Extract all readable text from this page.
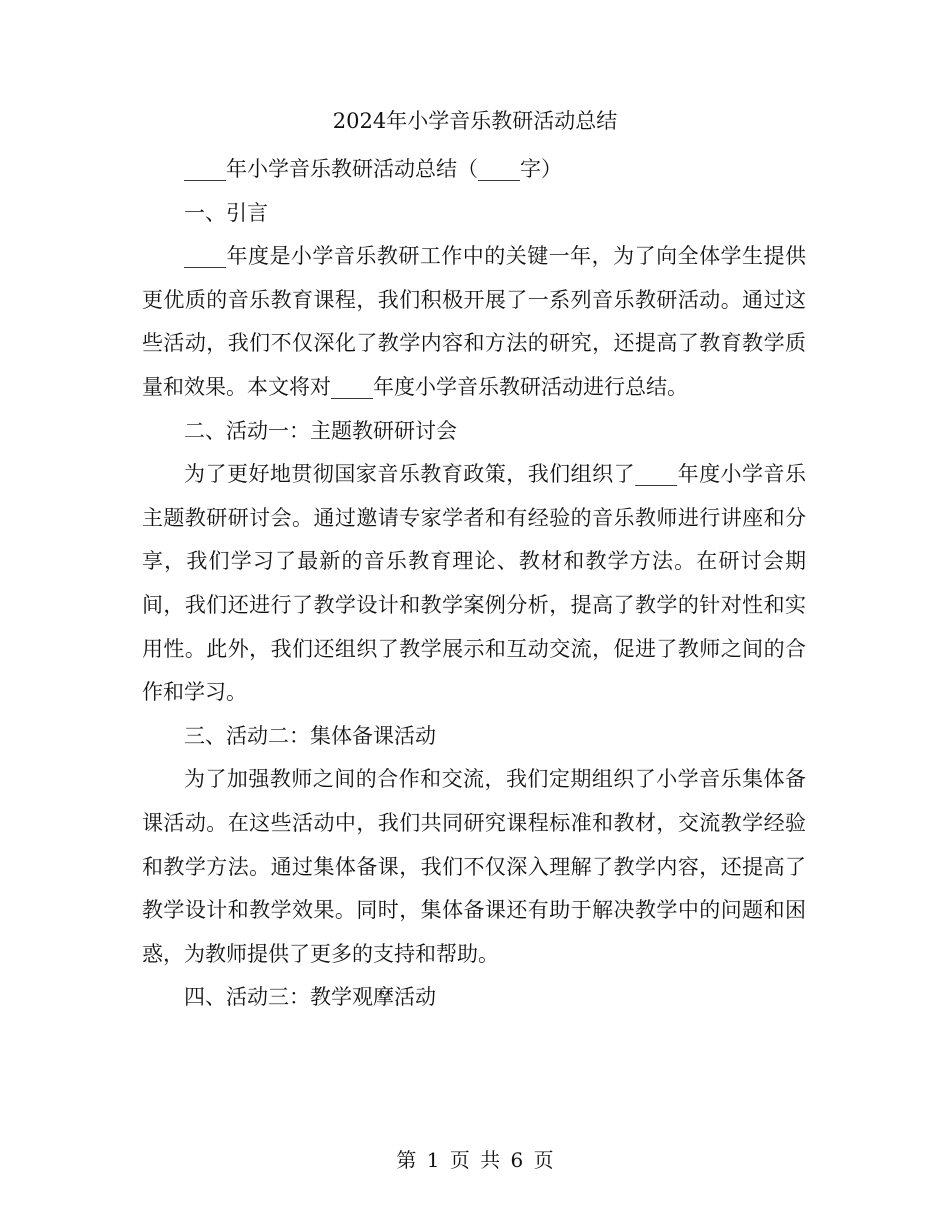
2024年小学音乐教研活动总结

____年小学音乐教研活动总结（____字）

一、引言

____年度是小学音乐教研工作中的关键一年，为了向全体学生提供更优质的音乐教育课程，我们积极开展了一系列音乐教研活动。通过这些活动，我们不仅深化了教学内容和方法的研究，还提高了教育教学质量和效果。本文将对____年度小学音乐教研活动进行总结。

二、活动一：主题教研研讨会

为了更好地贯彻国家音乐教育政策，我们组织了____年度小学音乐主题教研研讨会。通过邀请专家学者和有经验的音乐教师进行讲座和分享，我们学习了最新的音乐教育理论、教材和教学方法。在研讨会期间，我们还进行了教学设计和教学案例分析，提高了教学的针对性和实用性。此外，我们还组织了教学展示和互动交流，促进了教师之间的合作和学习。

三、活动二：集体备课活动

为了加强教师之间的合作和交流，我们定期组织了小学音乐集体备课活动。在这些活动中，我们共同研究课程标准和教材，交流教学经验和教学方法。通过集体备课，我们不仅深入理解了教学内容，还提高了教学设计和教学效果。同时，集体备课还有助于解决教学中的问题和困惑，为教师提供了更多的支持和帮助。

四、活动三：教学观摩活动

第 1 页 共 6 页
